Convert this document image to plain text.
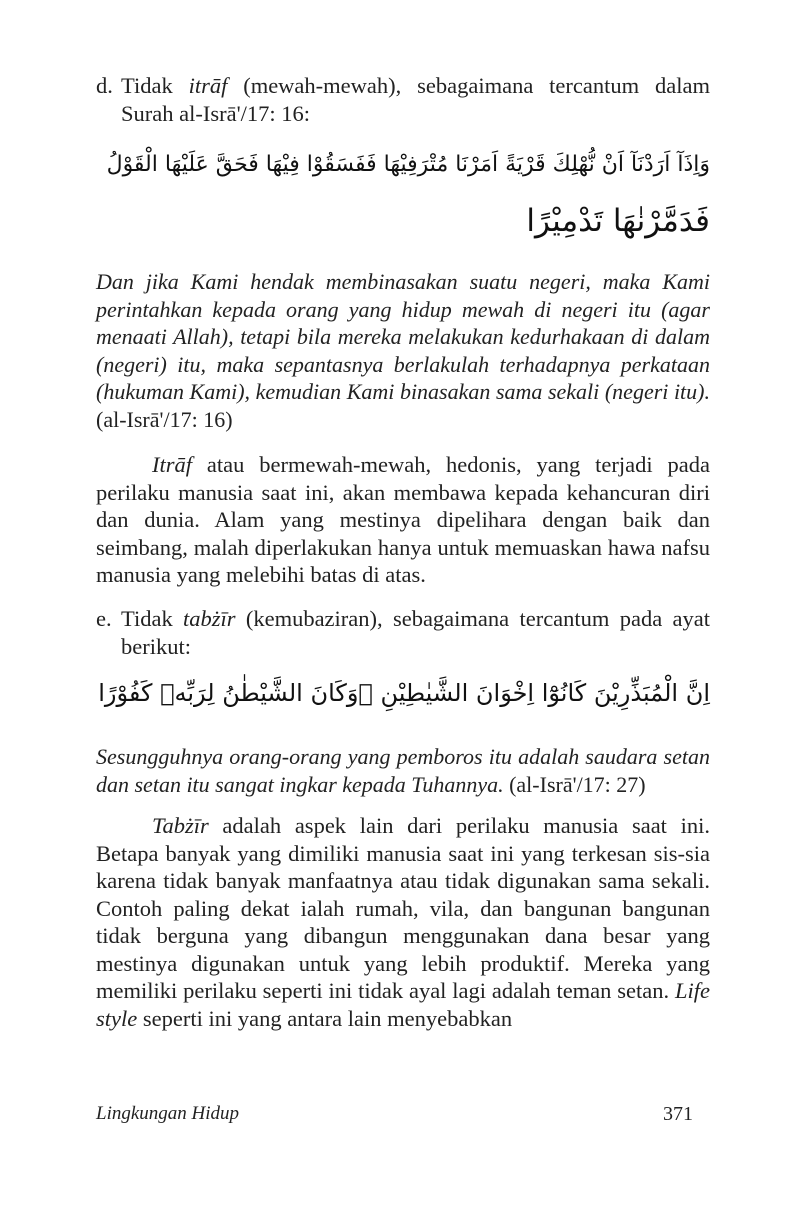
d. Tidak itrāf (mewah-mewah), sebagaimana tercantum dalam Surah al-Isrā'/17: 16:
وَاِذَآ اَرَدْنَآ اَنْ نُّهْلِكَ قَرْيَةً اَمَرْنَا مُتْرَفِيْهَا فَفَسَقُوْا فِيْهَا فَحَقَّ عَلَيْهَا الْقَوْلُ
فَدَمَّرْنٰهَا تَدْمِيْرًا
Dan jika Kami hendak membinasakan suatu negeri, maka Kami perintahkan kepada orang yang hidup mewah di negeri itu (agar menaati Allah), tetapi bila mereka melakukan kedurhakaan di dalam (negeri) itu, maka sepantasnya berlakulah terhadapnya perkataan (hukuman Kami), kemudian Kami binasakan sama sekali (negeri itu). (al-Isrā'/17: 16)
Itrāf atau bermewah-mewah, hedonis, yang terjadi pada perilaku manusia saat ini, akan membawa kepada kehancuran diri dan dunia. Alam yang mestinya dipelihara dengan baik dan seimbang, malah diperlakukan hanya untuk memuaskan hawa nafsu manusia yang melebihi batas di atas.
e. Tidak tabżīr (kemubaziran), sebagaimana tercantum pada ayat berikut:
اِنَّ الْمُبَذِّرِيْنَ كَانُوْٓا اِخْوَانَ الشَّيٰطِيْنِ ۗوَكَانَ الشَّيْطٰنُ لِرَبِّهٖ كَفُوْرًا
Sesungguhnya orang-orang yang pemboros itu adalah saudara setan dan setan itu sangat ingkar kepada Tuhannya. (al-Isrā'/17: 27)
Tabżīr adalah aspek lain dari perilaku manusia saat ini. Betapa banyak yang dimiliki manusia saat ini yang terkesan sis-sia karena tidak banyak manfaatnya atau tidak digunakan sama sekali. Contoh paling dekat ialah rumah, vila, dan bangunan bangunan tidak berguna yang dibangun menggunakan dana besar yang mestinya digunakan untuk yang lebih produktif. Mereka yang memiliki perilaku seperti ini tidak ayal lagi adalah teman setan. Life style seperti ini yang antara lain menyebabkan
Lingkungan Hidup	371
